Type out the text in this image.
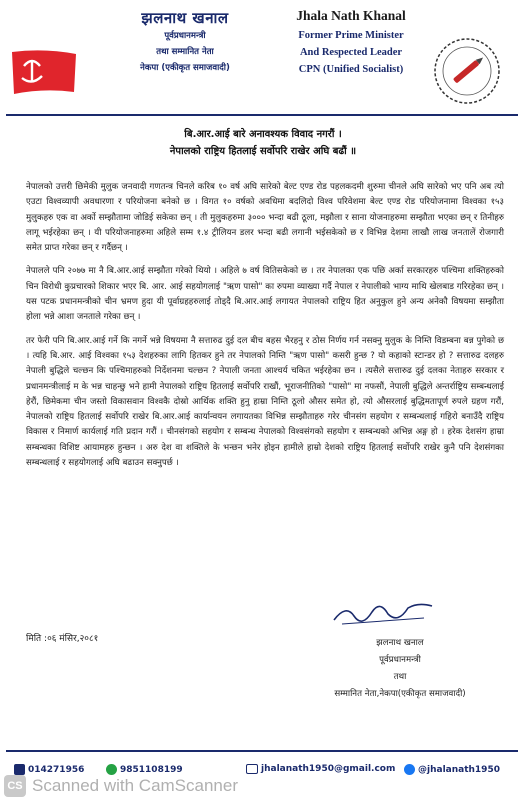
झलनाथ खनाल
पूर्वप्रधानमन्त्री
तथा सम्मानित नेता
नेकपा (एकीकृत समाजवादी)
Jhala Nath Khanal
Former Prime Minister
And Respected Leader
CPN (Unified Socialist)
बि.आर.आई बारे अनावश्यक विवाद नगरौं ।
नेपालको राष्ट्रिय हितलाई सर्वोपरि राखेर अघि बढौं ॥

नेपालको उत्तरी छिमेकी मुलुक जनवादी गणतन्त्र चिनले करिब १० वर्ष अघि सारेको बेल्ट एण्ड रोड पहलकदमी शुरुमा चीनले अघि सारेको भए पनि अब त्यो एउटा विश्वव्यापी अवधारणा र परियोजना बनेको छ । विगत १० वर्षको अवधिमा बदलिदो विश्व परिवेशमा बेल्ट एण्ड रोड परियोजनामा विश्वका १५३ मुलुकहरु एक वा अर्को सम्झौतामा जोडिई सकेका छन् । ती मुलुकहरुमा ३००० भन्दा बढी ठूला, मझौला र साना योजनाहरुमा सम्झौता भएका छन् र तिनीहरु लागू भईरहेका छन् । यी परियोजनाहरुमा अहिले सम्म १.४ ट्रीलियन डलर भन्दा बढी लगानी भईसकेको छ र विभिन्न देशमा लाखौ लाख जनतालें रोजगारी समेत प्राप्त गरेका छन् र गर्दैछन् ।

नेपालले पनि २०७७ मा नै बि.आर.आई सम्झौता गरेको थियो । अहिले ७ वर्ष वितिसकेको छ । तर नेपालका एक पछि अर्का सरकारहरु पश्चिमा शक्तिहरुको चिन विरोधी कुप्रचारको शिकार भएर बि. आर. आई सहयोगलाई "ऋण पासो" का रुपमा व्याख्या गर्दै नेपाल र नेपालीको भाग्य माथि खेलबाड गरिरहेका छन् । यस पटक प्रधानमन्त्रीको चीन भ्रमण हुदा यी पूर्वाग्रहहरुलाई तोड्दै बि.आर.आई लगायत नेपालको राष्ट्रिय हित अनुकुल हुने अन्य अनेकौ विषयमा सम्झौता होला भन्ने आशा जनताले गरेका छन् ।

तर फेरी पनि बि.आर.आई गर्ने कि नगर्ने भन्ने विषयमा नै सत्तारुढ दुई दल बीच बहस भैरहनु र ठोस निर्णय गर्न नसक्नु मुलुक के निम्ति विडम्बना बन्न पुगेको छ । त्यहि बि.आर. आई विश्वका १५३ देशहरुका लागि हितकर हुने तर नेपालको निम्ति "ऋण पासो" कसरी हुन्छ ? यो कहाको स्टान्डर हो ? सत्तारुढ दलहरु नेपाली बुद्धिले चल्छन कि पश्चिमाहरुको निर्देशनमा चल्छन ? नेपाली जनता आश्चर्य चकित भईरहेका छन । त्यसैले सत्तारुढ दुई दलका नेताहरु सरकार र प्रधानमन्त्रीलाई म के भन्न चाहन्छु भने हामी नेपालको राष्ट्रिय हितलाई सर्वोपरि राखौं, भूराजनीतिको "पासो" मा नफसौं, नेपाली बुद्धिले अन्तर्राष्ट्रिय सम्बन्धलाई हेरौं, छिमेकमा चीन जस्तो विकासवान विश्वकै दोस्रो आर्थिक शक्ति हुनु हाम्रा निम्ति ठूलो औसर समेत हो, त्यो औसरलाई बुद्धिमतापूर्ण रुपले ग्रहण गरौं, नेपालको राष्ट्रिय हितलाई सर्वोपरि राखेर बि.आर.आई कार्यान्वयन लगायतका विभिन्न सम्झौताहरु गरेर चीनसंग सहयोग र सम्बन्धलाई गहिरो बनाउँदै राष्ट्रिय विकास र निमार्ण कार्यलाई गति प्रदान गरौं । चीनसंगको सहयोग र सम्बन्ध नेपालको विश्वसंगको सहयोग र सम्बन्धको अभिन्न अङ्ग हो । हरेक देशसंग हाम्रा सम्बन्धका विशिष्ट आयामहरु हुन्छन । अरु देश वा शक्तिले के भन्छन भनेर होइन हामीले हाम्रो देशको राष्ट्रिय हितलाई सर्वोपरि राखेर कुनै पनि देशसंगका सम्बन्धलाई र सहयोगलाई अघि बढाउन सक्नुपर्छ ।

मिति :०६ मंसिर,२०८१	झलनाथ खनाल
पूर्वप्रधानमन्त्री
तथा
सम्मानित नेता,नेकपा(एकीकृत समाजवादी)
014271956	9851108199	jhalanath1950@gmail.com	@jhalanath1950
CS Scanned with CamScanner
